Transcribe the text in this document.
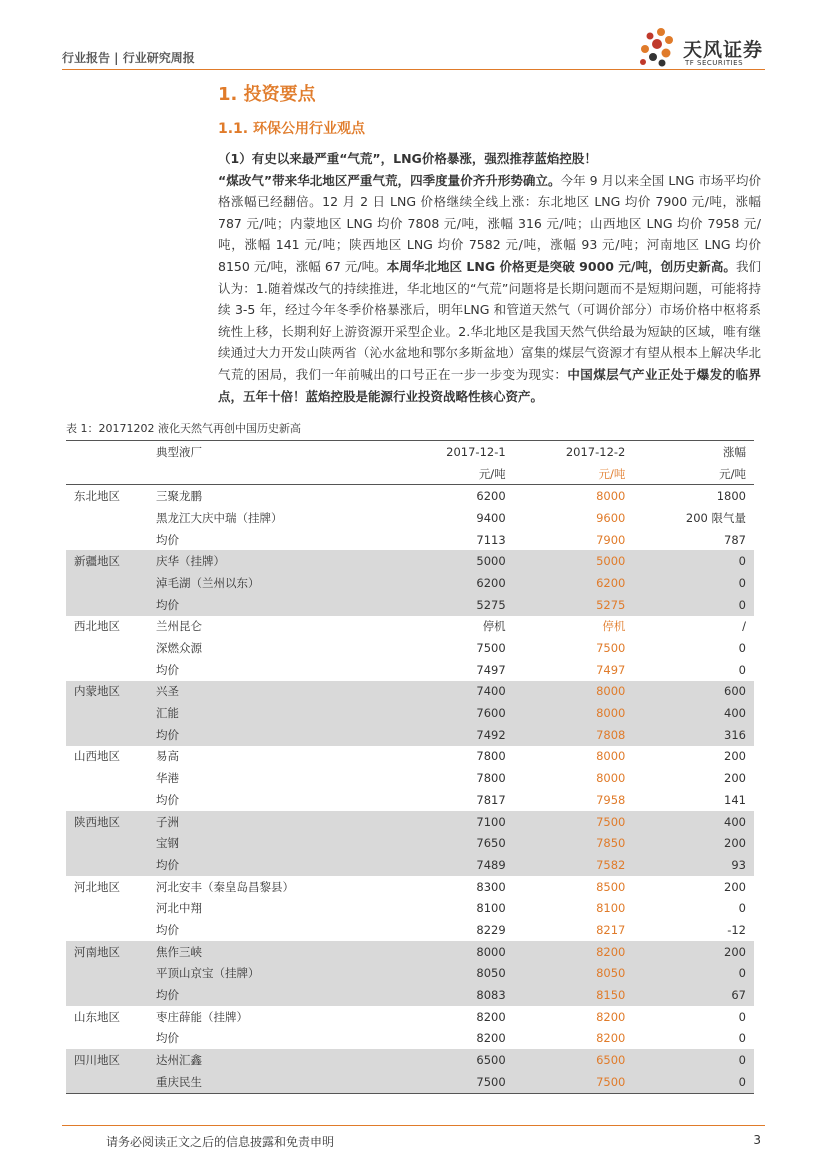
行业报告 | 行业研究周报	天风证券
TF SECURITIES
1. 投资要点
1.1. 环保公用行业观点
（1）有史以来最严重“气荒”，LNG价格暴涨，强烈推荐蓝焰控股！
“煤改气”带来华北地区严重气荒，四季度量价齐升形势确立。今年 9 月以来全国 LNG 市场平均价格涨幅已经翻倍。12 月 2 日 LNG 价格继续全线上涨：东北地区 LNG 均价 7900 元/吨，涨幅 787 元/吨；内蒙地区 LNG 均价 7808 元/吨，涨幅 316 元/吨；山西地区 LNG 均价 7958 元/吨，涨幅 141 元/吨；陕西地区 LNG 均价 7582 元/吨，涨幅 93 元/吨；河南地区 LNG 均价 8150 元/吨，涨幅 67 元/吨。本周华北地区 LNG 价格更是突破 9000 元/吨，创历史新高。我们认为：1.随着煤改气的持续推进，华北地区的“气荒”问题将是长期问题而不是短期问题，可能将持续 3-5 年，经过今年冬季价格暴涨后，明年LNG 和管道天然气（可调价部分）市场价格中枢将系统性上移，长期利好上游资源开采型企业。2.华北地区是我国天然气供给最为短缺的区域，唯有继续通过大力开发山陕两省（沁水盆地和鄂尔多斯盆地）富集的煤层气资源才有望从根本上解决华北气荒的困局，我们一年前喊出的口号正在一步一步变为现实：中国煤层气产业正处于爆发的临界点，五年十倍！蓝焰控股是能源行业投资战略性核心资产。
表 1：20171202 液化天然气再创中国历史新高
	典型液厂	2017-12-1	2017-12-2	涨幅
		元/吨	元/吨	元/吨
东北地区	三聚龙鹏	6200	8000	1800
	黑龙江大庆中瑞（挂牌）	9400	9600	200 限气量
	均价	7113	7900	787
新疆地区	庆华（挂牌）	5000	5000	0
	淖毛湖（兰州以东）	6200	6200	0
	均价	5275	5275	0
西北地区	兰州昆仑	停机	停机	/
	深燃众源	7500	7500	0
	均价	7497	7497	0
内蒙地区	兴圣	7400	8000	600
	汇能	7600	8000	400
	均价	7492	7808	316
山西地区	易高	7800	8000	200
	华港	7800	8000	200
	均价	7817	7958	141
陕西地区	子洲	7100	7500	400
	宝钢	7650	7850	200
	均价	7489	7582	93
河北地区	河北安丰（秦皇岛昌黎县）	8300	8500	200
	河北中翔	8100	8100	0
	均价	8229	8217	-12
河南地区	焦作三峡	8000	8200	200
	平顶山京宝（挂牌）	8050	8050	0
	均价	8083	8150	67
山东地区	枣庄薛能（挂牌）	8200	8200	0
	均价	8200	8200	0
四川地区	达州汇鑫	6500	6500	0
	重庆民生	7500	7500	0
请务必阅读正文之后的信息披露和免责申明	3
